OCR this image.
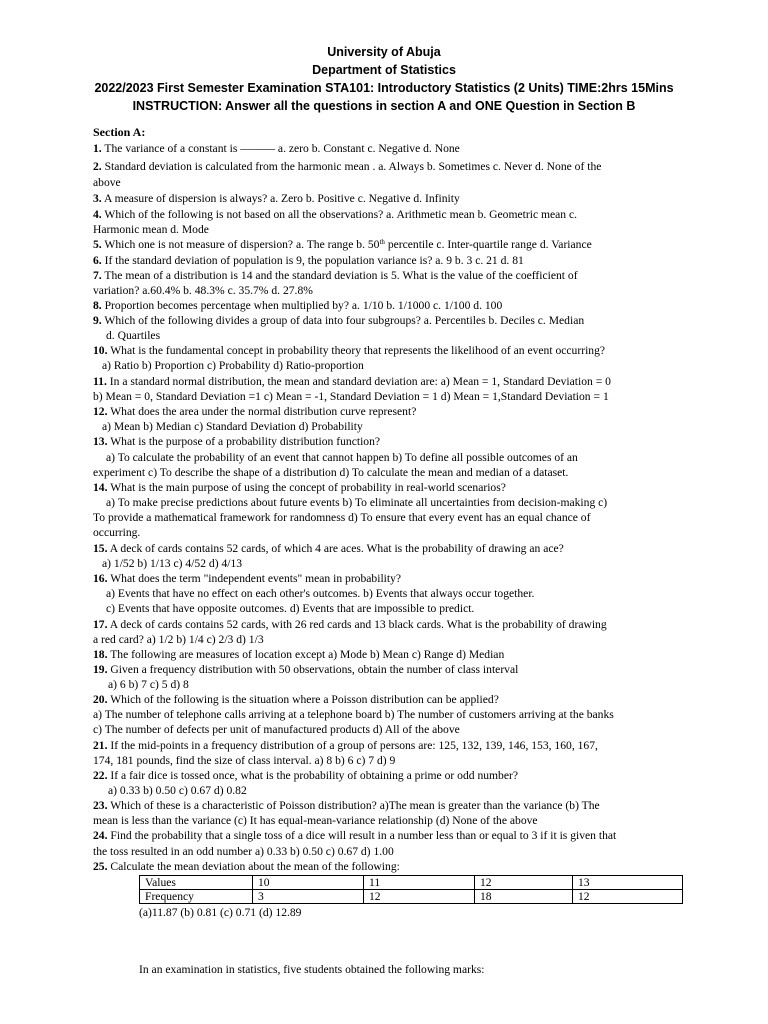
University of Abuja
Department of Statistics
2022/2023 First Semester Examination STA101: Introductory Statistics (2 Units) TIME:2hrs 15Mins
INSTRUCTION: Answer all the questions in section A and ONE Question in Section B
Section A:
1. The variance of a constant is ——— a. zero b. Constant c. Negative d. None
2. Standard deviation is calculated from the harmonic mean . a. Always b. Sometimes c. Never d. None of the
above
3. A measure of dispersion is always? a. Zero b. Positive c. Negative d. Infinity
4. Which of the following is not based on all the observations? a. Arithmetic mean b. Geometric mean c.
Harmonic mean d. Mode
5. Which one is not measure of dispersion? a. The range b. 50th percentile c. Inter-quartile range d. Variance
6. If the standard deviation of population is 9, the population variance is? a. 9 b. 3 c. 21 d. 81
7. The mean of a distribution is 14 and the standard deviation is 5. What is the value of the coefficient of
variation? a.60.4% b. 48.3% c. 35.7% d. 27.8%
8. Proportion becomes percentage when multiplied by? a. 1/10 b. 1/1000 c. 1/100 d. 100
9. Which of the following divides a group of data into four subgroups? a. Percentiles b. Deciles c. Median
d. Quartiles
10. What is the fundamental concept in probability theory that represents the likelihood of an event occurring?
a) Ratio b) Proportion c) Probability d) Ratio-proportion
11. In a standard normal distribution, the mean and standard deviation are: a) Mean = 1, Standard Deviation = 0
b) Mean = 0, Standard Deviation =1 c) Mean = -1, Standard Deviation = 1 d) Mean = 1,Standard Deviation = 1
12. What does the area under the normal distribution curve represent?
a) Mean b) Median c) Standard Deviation d) Probability
13. What is the purpose of a probability distribution function?
a) To calculate the probability of an event that cannot happen b) To define all possible outcomes of an
experiment c) To describe the shape of a distribution d) To calculate the mean and median of a dataset.
14. What is the main purpose of using the concept of probability in real-world scenarios?
a) To make precise predictions about future events b) To eliminate all uncertainties from decision-making c)
To provide a mathematical framework for randomness d) To ensure that every event has an equal chance of
occurring.
15. A deck of cards contains 52 cards, of which 4 are aces. What is the probability of drawing an ace?
a) 1/52 b) 1/13 c) 4/52 d) 4/13
16. What does the term "independent events" mean in probability?
a) Events that have no effect on each other's outcomes. b) Events that always occur together.
c) Events that have opposite outcomes. d) Events that are impossible to predict.
17. A deck of cards contains 52 cards, with 26 red cards and 13 black cards. What is the probability of drawing
a red card? a) 1/2 b) 1/4 c) 2/3 d) 1/3
18. The following are measures of location except a) Mode b) Mean c) Range d) Median
19. Given a frequency distribution with 50 observations, obtain the number of class interval
a) 6 b) 7 c) 5 d) 8
20. Which of the following is the situation where a Poisson distribution can be applied?
a) The number of telephone calls arriving at a telephone board b) The number of customers arriving at the banks
c) The number of defects per unit of manufactured products d) All of the above
21. If the mid-points in a frequency distribution of a group of persons are: 125, 132, 139, 146, 153, 160, 167,
174, 181 pounds, find the size of class interval. a) 8 b) 6 c) 7 d) 9
22. If a fair dice is tossed once, what is the probability of obtaining a prime or odd number?
a) 0.33 b) 0.50 c) 0.67 d) 0.82
23. Which of these is a characteristic of Poisson distribution? a)The mean is greater than the variance (b) The
mean is less than the variance (c) It has equal-mean-variance relationship (d) None of the above
24. Find the probability that a single toss of a dice will result in a number less than or equal to 3 if it is given that
the toss resulted in an odd number a) 0.33 b) 0.50 c) 0.67 d) 1.00
25. Calculate the mean deviation about the mean of the following:
Values	10	11	12	13
Frequency	3	12	18	12
(a)11.87 (b) 0.81 (c) 0.71 (d) 12.89
In an examination in statistics, five students obtained the following marks:
